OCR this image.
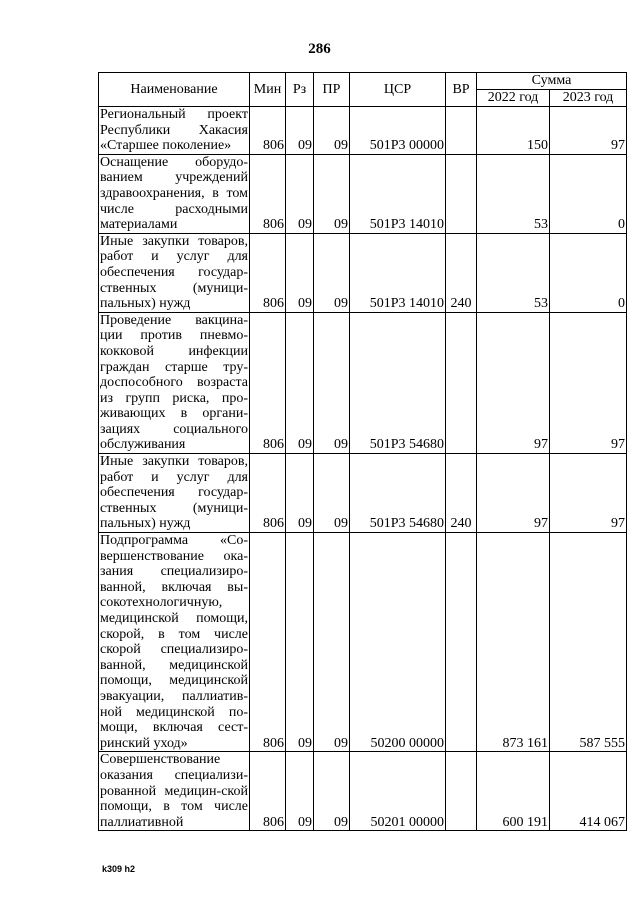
286
Наименование	Мин	Рз	ПР	ЦСР	ВР	Сумма	
						2022 год	2023 год
Региональный проект Республики Хакасия «Старшее поколение»	806	09	09	501P3 00000		150	97
Оснащение оборудо-ванием учреждений здравоохранения, в том числе расходными материалами	806	09	09	501P3 14010		53	0
Иные закупки товаров, работ и услуг для обеспечения государ-ственных (муници-пальных) нужд	806	09	09	501P3 14010	240	53	0
Проведение вакцина-ции против пневмо-кокковой инфекции граждан старше тру-доспособного возраста из групп риска, про-живающих в органи-зациях социального обслуживания	806	09	09	501P3 54680		97	97
Иные закупки товаров, работ и услуг для обеспечения государ-ственных (муници-пальных) нужд	806	09	09	501P3 54680	240	97	97
Подпрограмма «Со-вершенствование ока-зания специализиро-ванной, включая вы-сокотехнологичную, медицинской помощи, скорой, в том числе скорой специализиро-ванной, медицинской помощи, медицинской эвакуации, паллиатив-ной медицинской по-мощи, включая сест-ринский уход»	806	09	09	50200 00000		873 161	587 555
Совершенствование оказания специализи-рованной медицин-ской помощи, в том числе паллиативной	806	09	09	50201 00000		600 191	414 067
k309 h2
